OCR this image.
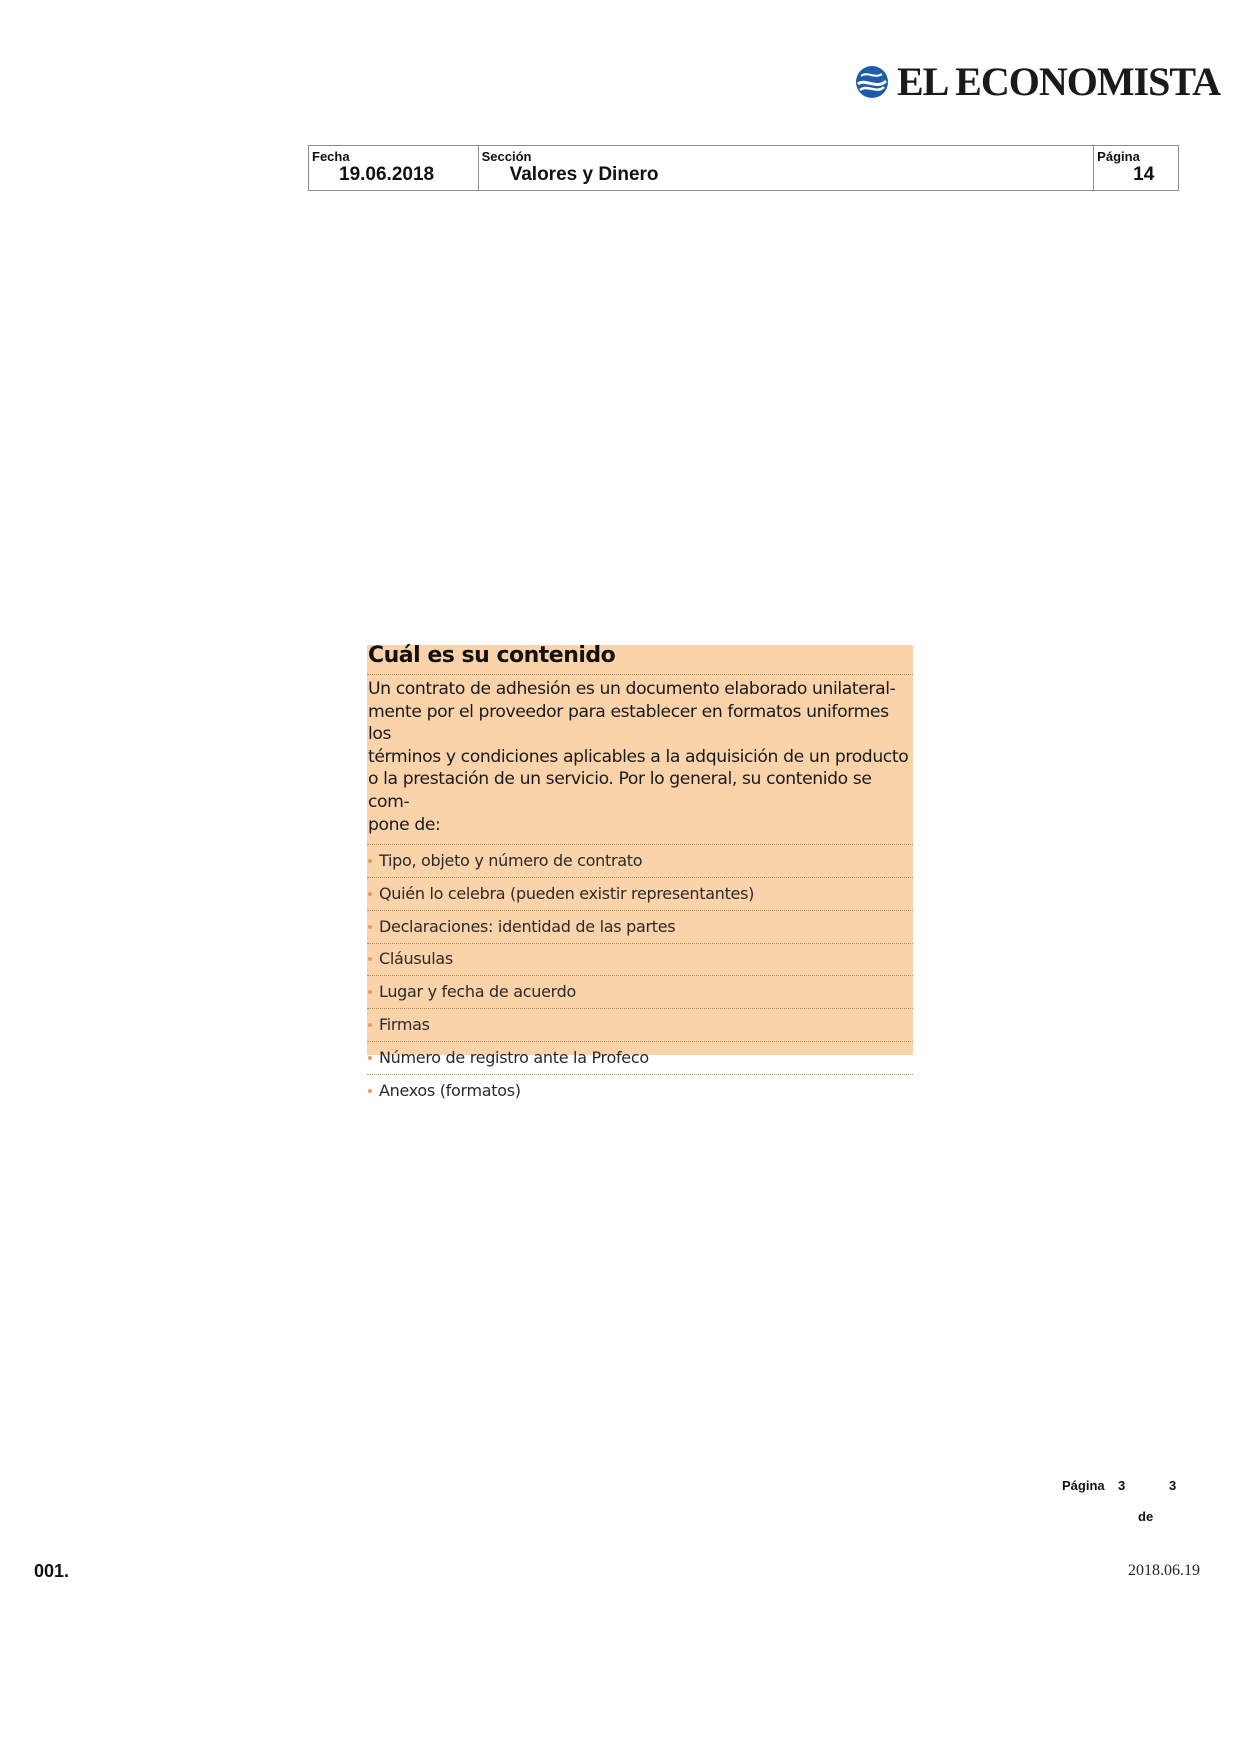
EL ECONOMISTA
Fecha
19.06.2018
Sección
Valores y Dinero
Página
14
Cuál es su contenido
Un contrato de adhesión es un documento elaborado unilateral-
mente por el proveedor para establecer en formatos uniformes los
términos y condiciones aplicables a la adquisición de un producto
o la prestación de un servicio. Por lo general, su contenido se com-
pone de:
Tipo, objeto y número de contrato
Quién lo celebra (pueden existir representantes)
Declaraciones: identidad de las partes
Cláusulas
Lugar y fecha de acuerdo
Firmas
Número de registro ante la Profeco
Anexos (formatos)
Página 3	3
de
001.	2018.06.19
